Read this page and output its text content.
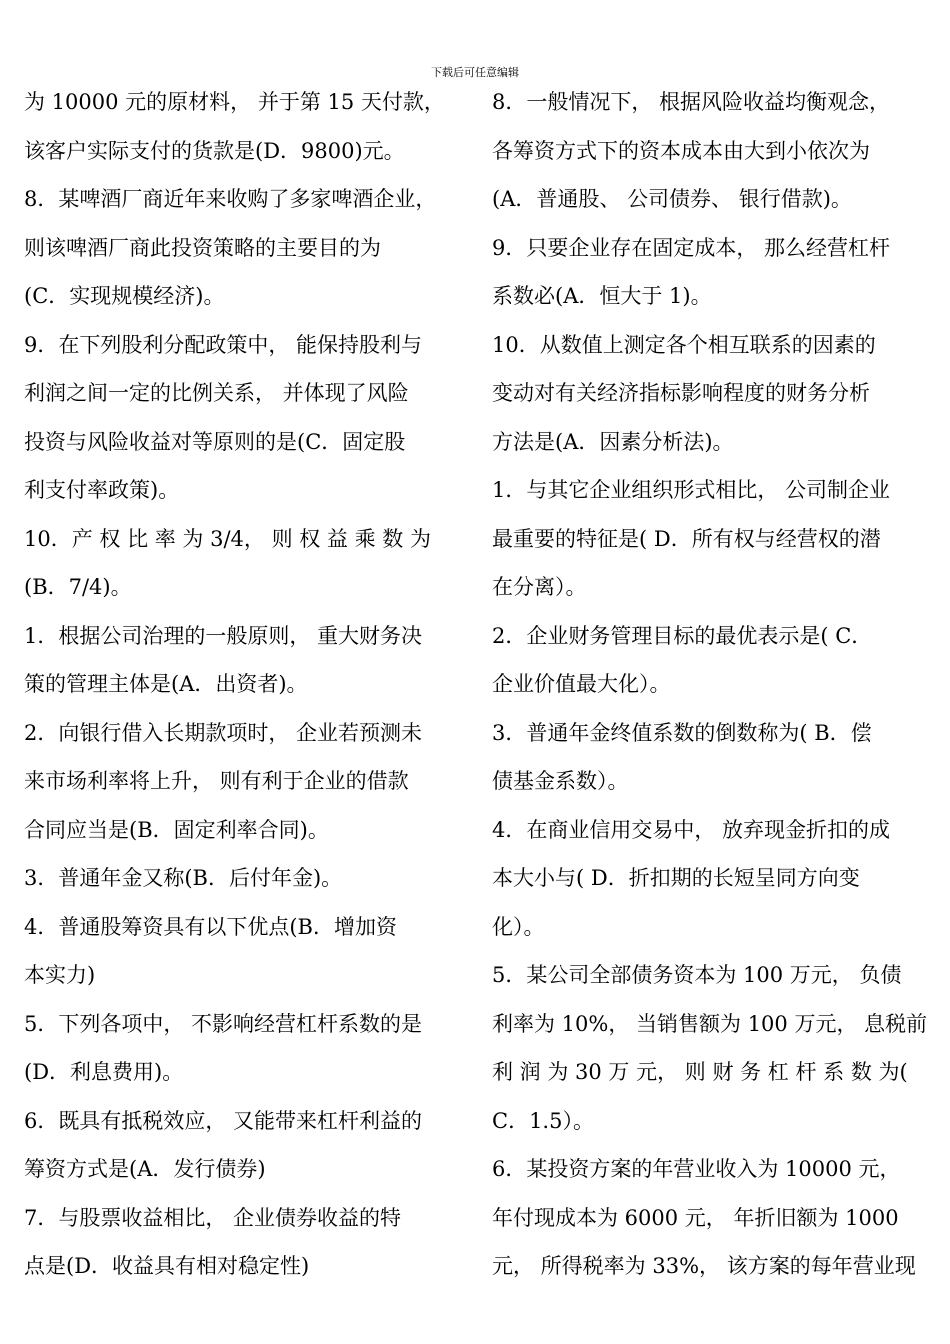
下载后可任意编辑
为 10000 元的原材料， 并于第 15 天付款，
该客户实际支付的货款是(D．9800)元。
8．某啤酒厂商近年来收购了多家啤酒企业，
则该啤酒厂商此投资策略的主要目的为
(C．实现规模经济)。
9．在下列股利分配政策中， 能保持股利与
利润之间一定的比例关系， 并体现了风险
投资与风险收益对等原则的是(C．固定股
利支付率政策)。
10．产 权 比 率 为 3/4， 则 权 益 乘 数 为
(B．7/4)。
1．根据公司治理的一般原则， 重大财务决
策的管理主体是(A．出资者)。
2．向银行借入长期款项时， 企业若预测未
来市场利率将上升， 则有利于企业的借款
合同应当是(B．固定利率合同)。
3．普通年金又称(B．后付年金)。
4．普通股筹资具有以下优点(B．增加资
本实力)
5．下列各项中， 不影响经营杠杆系数的是
(D．利息费用)。
6．既具有抵税效应， 又能带来杠杆利益的
筹资方式是(A．发行债券)
7．与股票收益相比， 企业债券收益的特
点是(D．收益具有相对稳定性)
8．一般情况下， 根据风险收益均衡观念，
各筹资方式下的资本成本由大到小依次为
(A．普通股、 公司债券、 银行借款)。
9．只要企业存在固定成本， 那么经营杠杆
系数必(A．恒大于 1)。
10．从数值上测定各个相互联系的因素的
变动对有关经济指标影响程度的财务分析
方法是(A．因素分析法)。
1．与其它企业组织形式相比， 公司制企业
最重要的特征是( D．所有权与经营权的潜
在分离）。
2．企业财务管理目标的最优表示是( C．
企业价值最大化）。
3．普通年金终值系数的倒数称为( B．偿
债基金系数）。
4．在商业信用交易中， 放弃现金折扣的成
本大小与( D．折扣期的长短呈同方向变
化）。
5．某公司全部债务资本为 100 万元， 负债
利率为 10%， 当销售额为 100 万元， 息税前
利 润 为 30 万 元， 则 财 务 杠 杆 系 数 为(
C．1.5）。
6．某投资方案的年营业收入为 10000 元，
年付现成本为 6000 元， 年折旧额为 1000
元， 所得税率为 33%， 该方案的每年营业现
